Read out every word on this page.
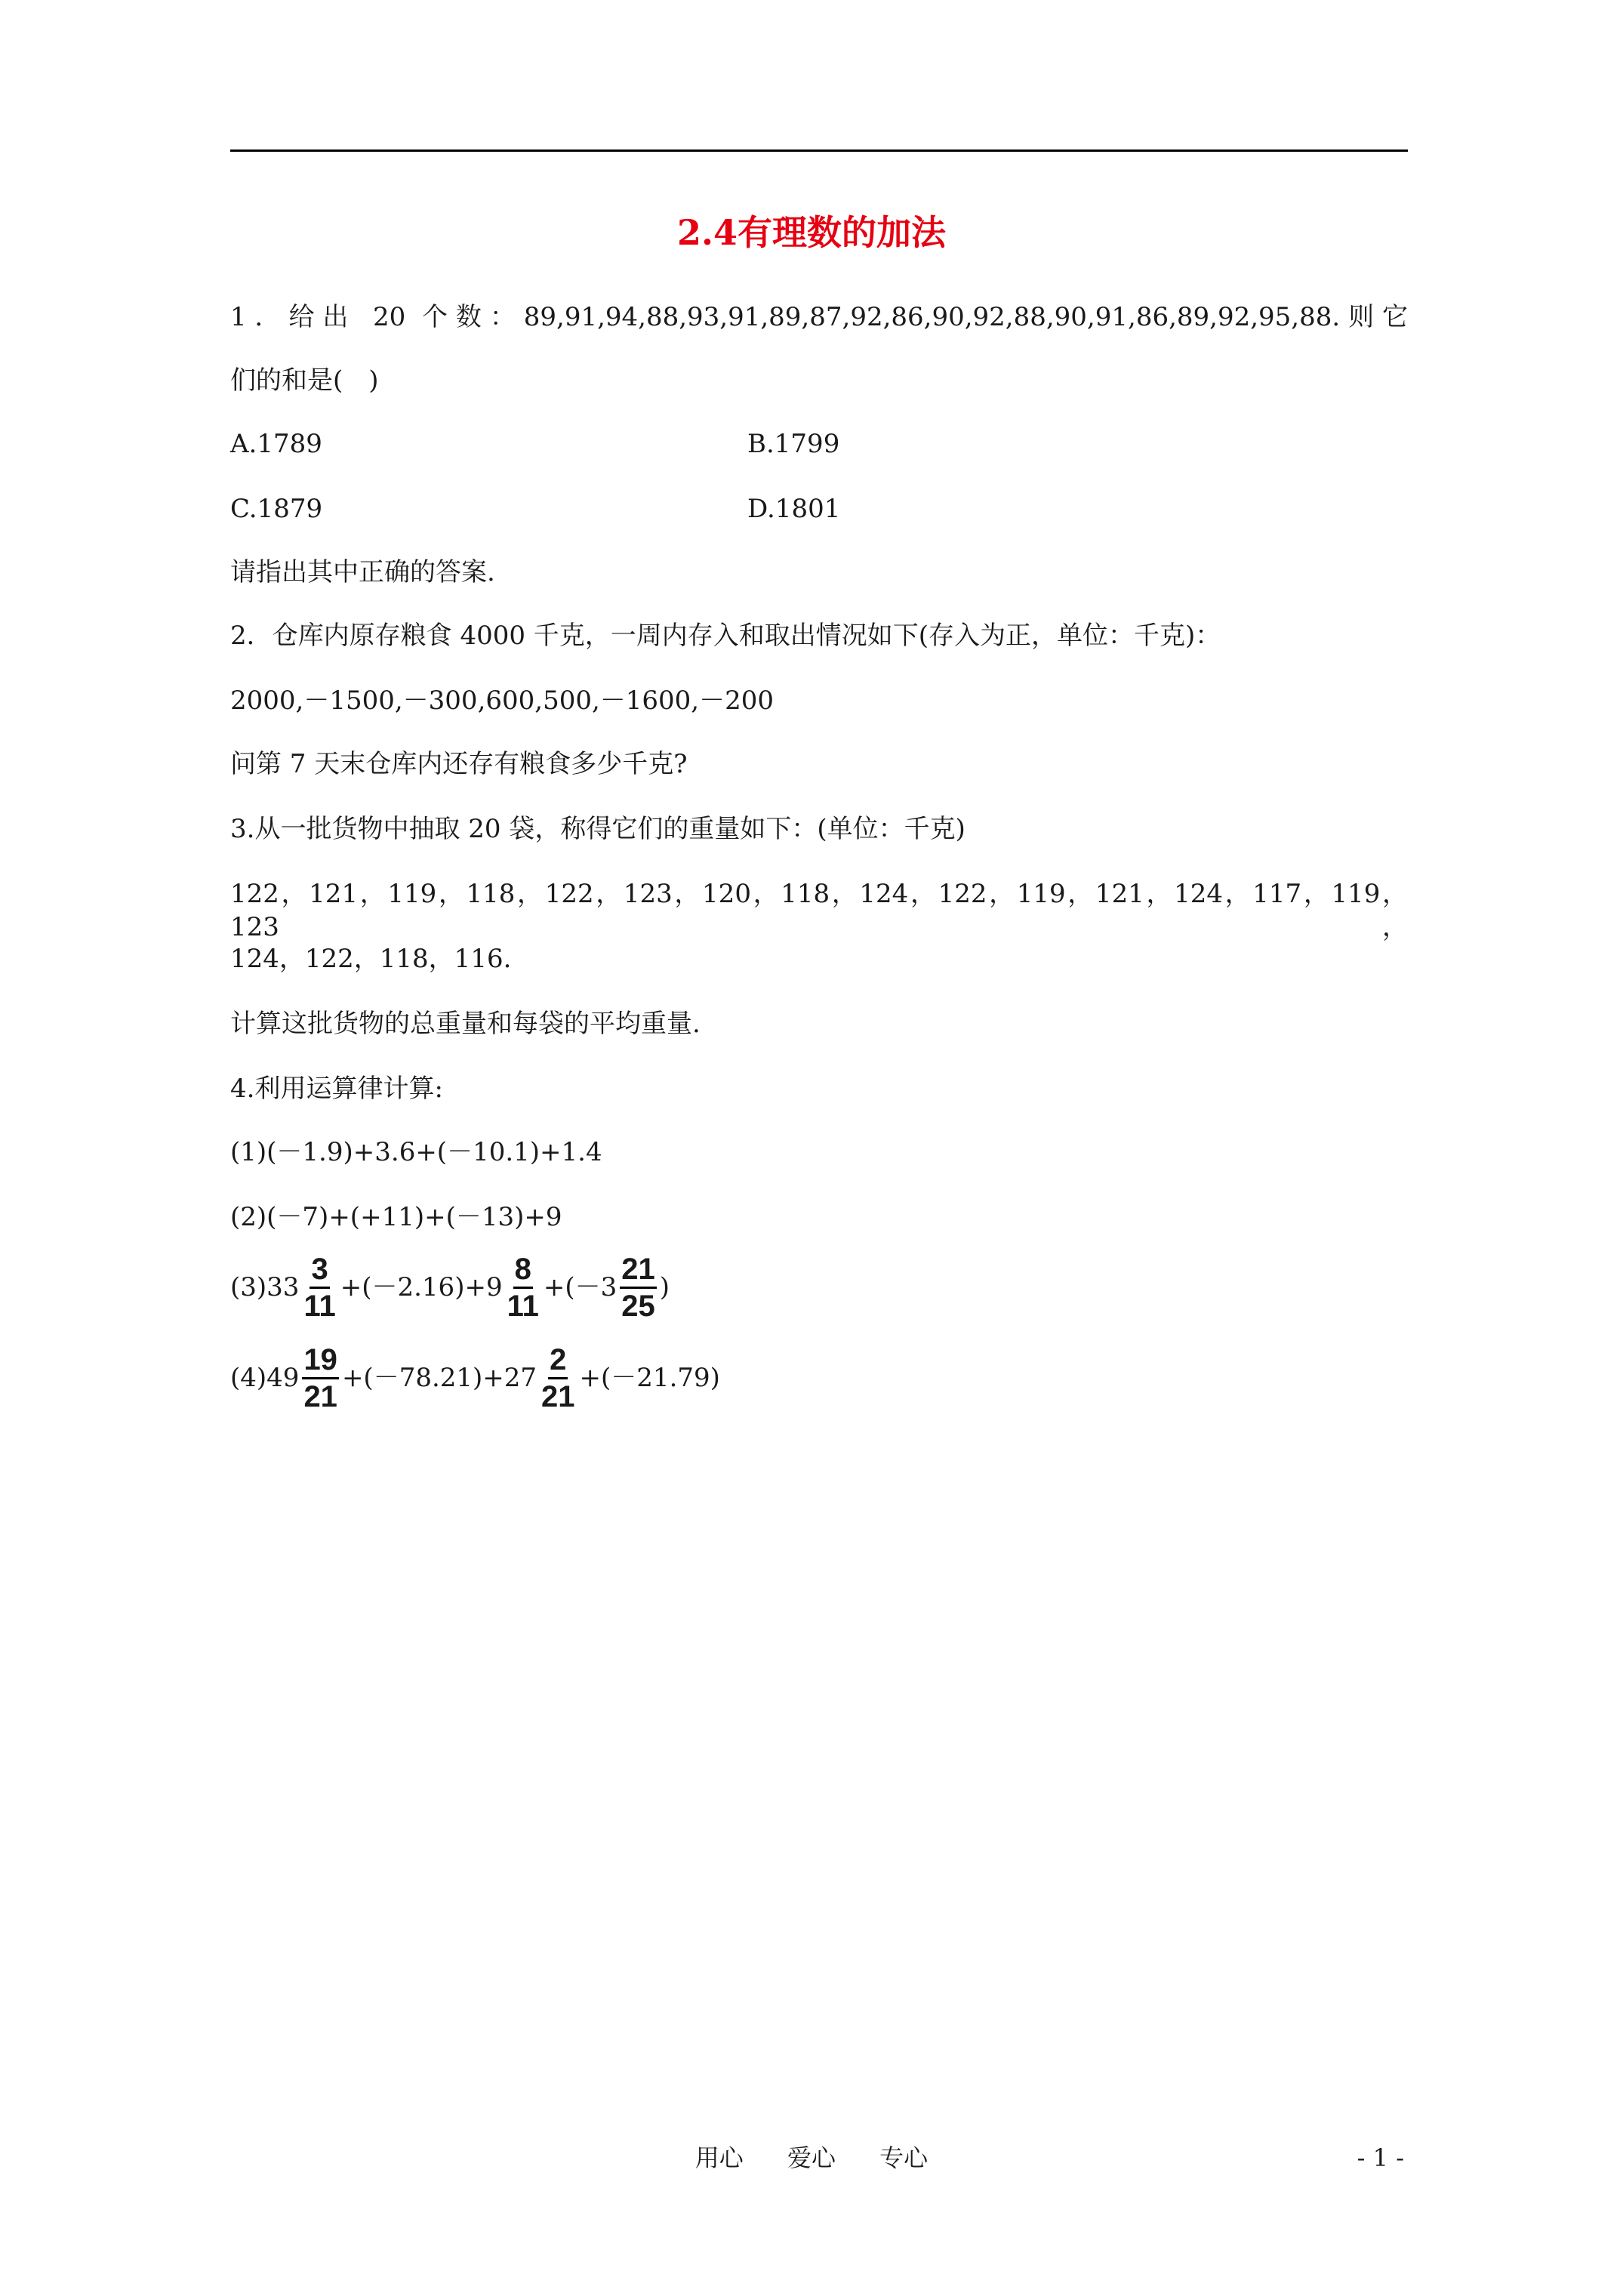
2.4有理数的加法
1．给出 20 个数：89,91,94,88,93,91,89,87,92,86,90,92,88,90,91,86,89,92,95,88.则它
们的和是(　)
A.1789	B.1799
C.1879	D.1801
请指出其中正确的答案.
2．仓库内原存粮食 4000 千克，一周内存入和取出情况如下(存入为正，单位：千克)：
2000,－1500,－300,600,500,－1600,－200
问第 7 天末仓库内还存有粮食多少千克?
3.从一批货物中抽取 20 袋，称得它们的重量如下：(单位：千克)
122，121，119，118，122，123，120，118，124，122，119，121，124，117，119，123，
124，122，118，116.
计算这批货物的总重量和每袋的平均重量.
4.利用运算律计算:
(1)(－1.9)+3.6+(－10.1)+1.4
(2)(－7)+(+11)+(－13)+9
$(3)33 \frac{3}{11} +(-2.16)+9 \frac{8}{11} +(-3 \frac{21}{25}$ )
$(4)49 \frac{19}{21} +(-78.21)+27 \frac{2}{21} +(-21.79)$
用心 爱心 专心	- 1 -
